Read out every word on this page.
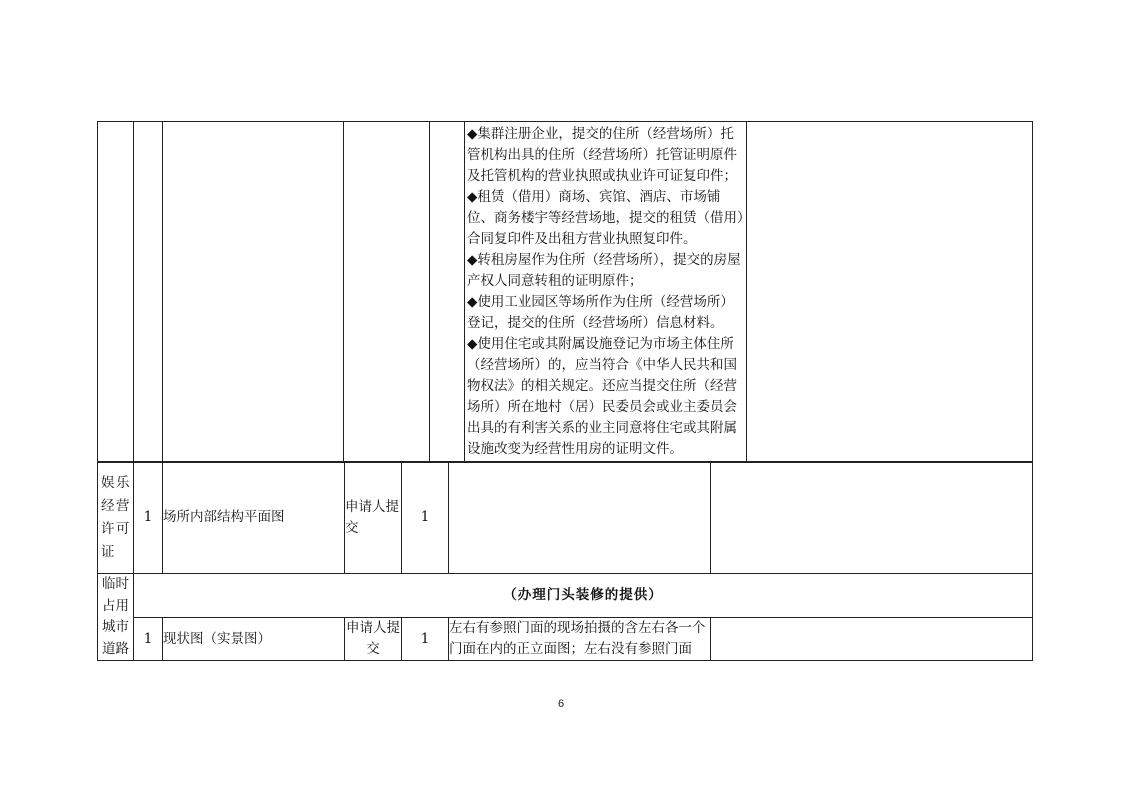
◆集群注册企业，提交的住所（经营场所）托管机构出具的住所（经营场所）托管证明原件及托管机构的营业执照或执业许可证复印件；
◆租赁（借用）商场、宾馆、酒店、市场铺位、商务楼宇等经营场地，提交的租赁（借用）合同复印件及出租方营业执照复印件。
◆转租房屋作为住所（经营场所），提交的房屋产权人同意转租的证明原件；
◆使用工业园区等场所作为住所（经营场所）登记，提交的住所（经营场所）信息材料。
◆使用住宅或其附属设施登记为市场主体住所（经营场所）的，应当符合《中华人民共和国物权法》的相关规定。还应当提交住所（经营场所）所在地村（居）民委员会或业主委员会出具的有利害关系的业主同意将住宅或其附属设施改变为经营性用房的证明文件。

娱乐经营许可证	1	场所内部结构平面图	申请人提交	1		

临时占用城市道路	（办理门头装修的提供）					
	1	现状图（实景图）	申请人提交	1	左右有参照门面的现场拍摄的含左右各一个门面在内的正立面图；左右没有参照门面	
6
